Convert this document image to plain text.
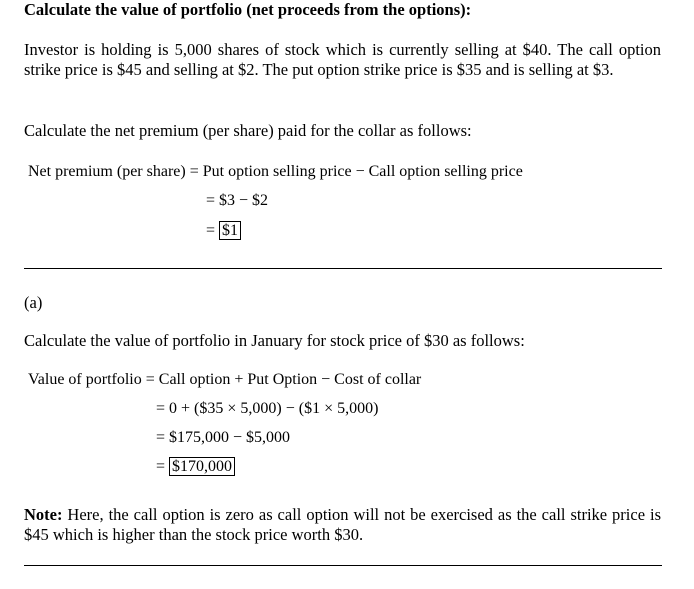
Calculate the value of portfolio (net proceeds from the options):
Investor is holding is 5,000 shares of stock which is currently selling at $40. The call option strike price is $45 and selling at $2. The put option strike price is $35 and is selling at $3.
Calculate the net premium (per share) paid for the collar as follows:
Net premium (per share) = Put option selling price − Call option selling price
= $3 − $2
= $1
(a)
Calculate the value of portfolio in January for stock price of $30 as follows:
Value of portfolio = Call option + Put Option − Cost of collar
= 0 + ($35 × 5,000) − ($1 × 5,000)
= $175,000 − $5,000
= $170,000
Note: Here, the call option is zero as call option will not be exercised as the call strike price is $45 which is higher than the stock price worth $30.
